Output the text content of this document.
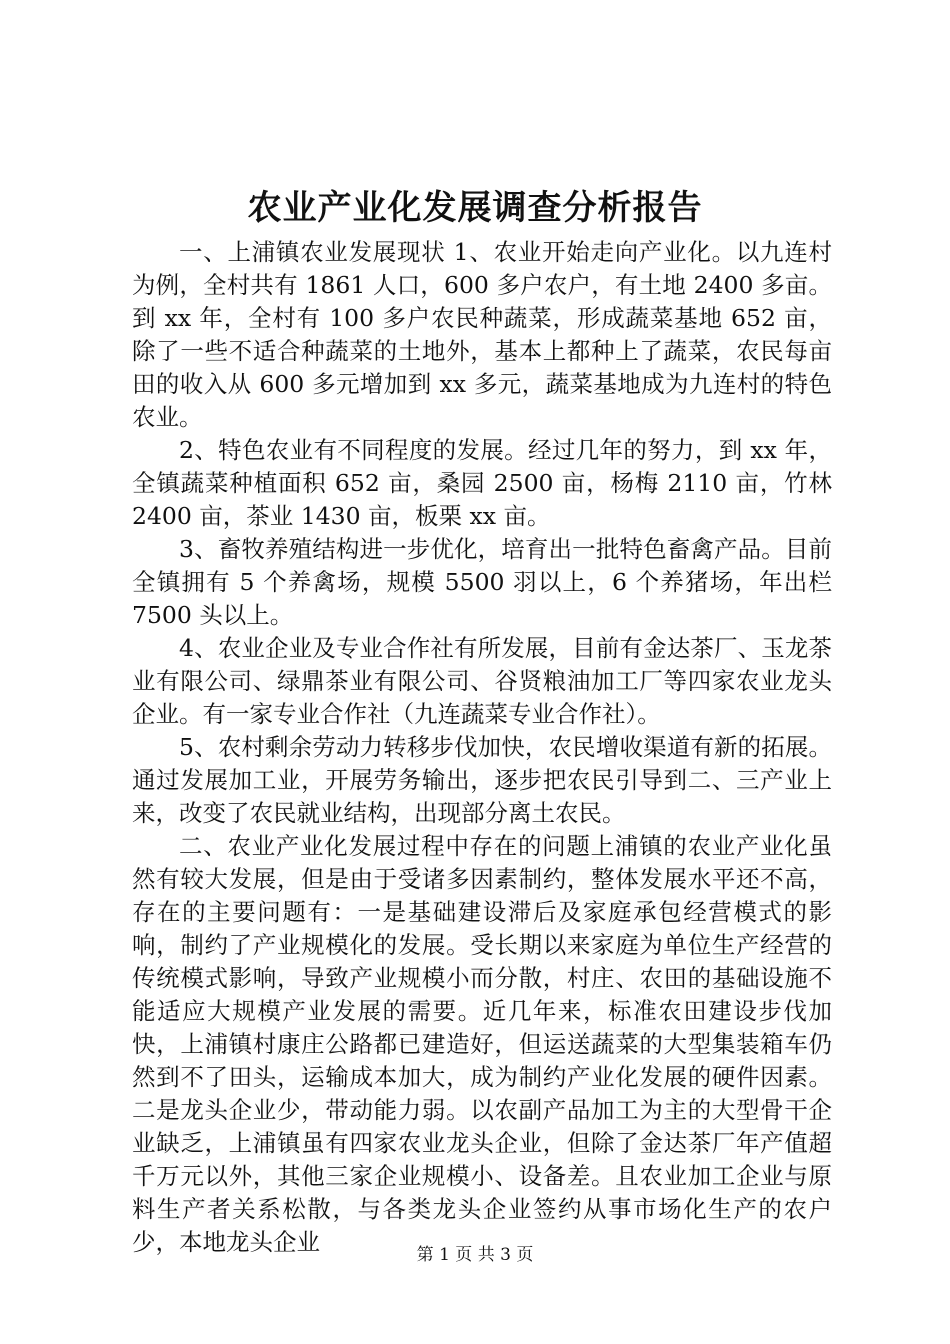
农业产业化发展调查分析报告

一、上浦镇农业发展现状 1、农业开始走向产业化。以九连村为例，全村共有 1861 人口，600 多户农户，有土地 2400 多亩。到 xx 年，全村有 100 多户农民种蔬菜，形成蔬菜基地 652 亩，除了一些不适合种蔬菜的土地外，基本上都种上了蔬菜，农民每亩田的收入从 600 多元增加到 xx 多元，蔬菜基地成为九连村的特色农业。

2、特色农业有不同程度的发展。经过几年的努力，到 xx 年，全镇蔬菜种植面积 652 亩，桑园 2500 亩，杨梅 2110 亩，竹林 2400 亩，茶业 1430 亩，板栗 xx 亩。

3、畜牧养殖结构进一步优化，培育出一批特色畜禽产品。目前全镇拥有 5 个养禽场，规模 5500 羽以上，6 个养猪场，年出栏 7500 头以上。

4、农业企业及专业合作社有所发展，目前有金达茶厂、玉龙茶业有限公司、绿鼎茶业有限公司、谷贤粮油加工厂等四家农业龙头企业。有一家专业合作社（九连蔬菜专业合作社）。

5、农村剩余劳动力转移步伐加快，农民增收渠道有新的拓展。通过发展加工业，开展劳务输出，逐步把农民引导到二、三产业上来，改变了农民就业结构，出现部分离土农民。

二、农业产业化发展过程中存在的问题上浦镇的农业产业化虽然有较大发展，但是由于受诸多因素制约，整体发展水平还不高，存在的主要问题有：一是基础建设滞后及家庭承包经营模式的影响，制约了产业规模化的发展。受长期以来家庭为单位生产经营的传统模式影响，导致产业规模小而分散，村庄、农田的基础设施不能适应大规模产业发展的需要。近几年来，标准农田建设步伐加快，上浦镇村康庄公路都已建造好，但运送蔬菜的大型集装箱车仍然到不了田头，运输成本加大，成为制约产业化发展的硬件因素。二是龙头企业少，带动能力弱。以农副产品加工为主的大型骨干企业缺乏，上浦镇虽有四家农业龙头企业，但除了金达茶厂年产值超千万元以外，其他三家企业规模小、设备差。且农业加工企业与原料生产者关系松散，与各类龙头企业签约从事市场化生产的农户少，本地龙头企业	第 1 页 共 3 页
